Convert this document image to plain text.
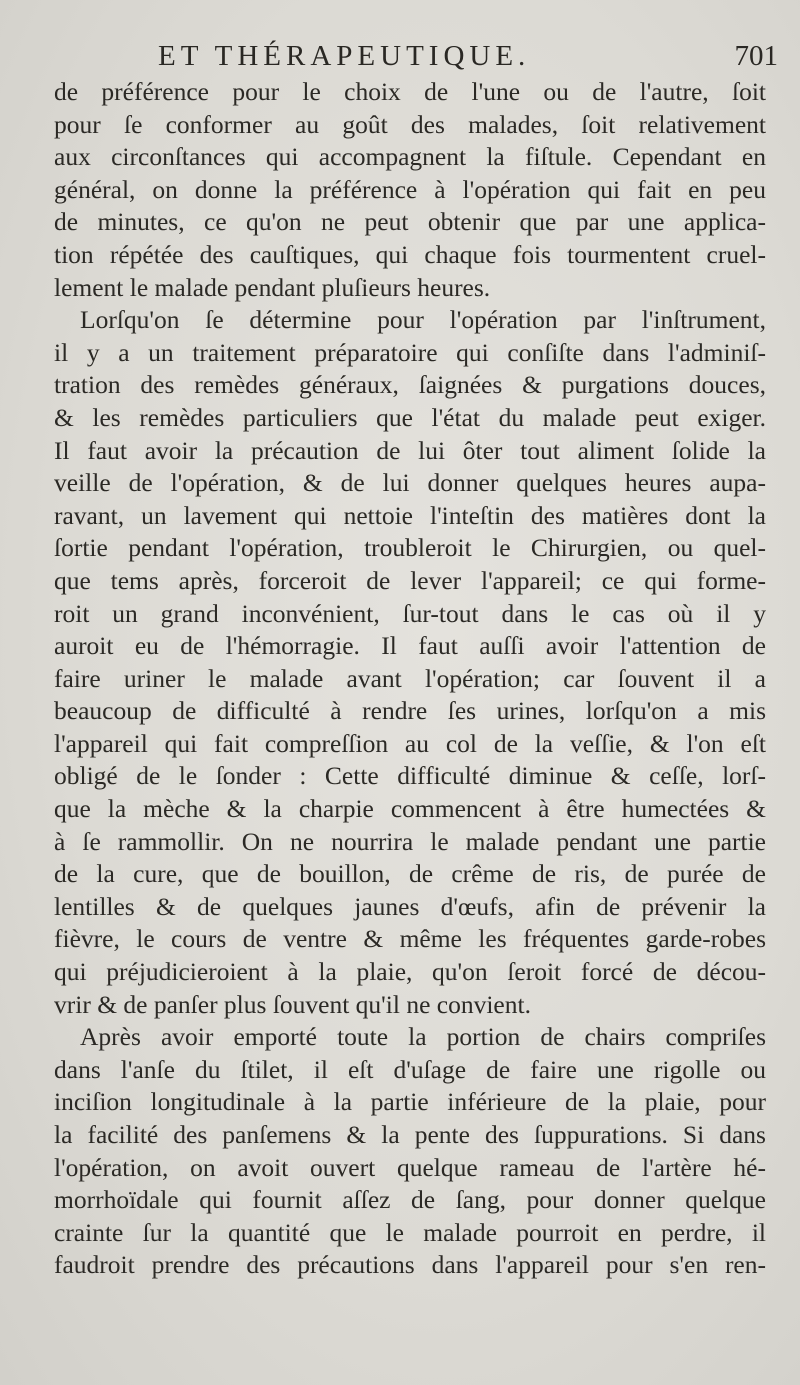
ET THÉRAPEUTIQUE.	701
de préférence pour le choix de l'une ou de l'autre, ſoit
pour ſe conformer au goût des malades, ſoit relativement
aux circonſtances qui accompagnent la fiſtule. Cependant en
général, on donne la préférence à l'opération qui fait en peu
de minutes, ce qu'on ne peut obtenir que par une applica-
tion répétée des cauſtiques, qui chaque fois tourmentent cruel-
lement le malade pendant pluſieurs heures.
Lorſqu'on ſe détermine pour l'opération par l'inſtrument,
il y a un traitement préparatoire qui conſiſte dans l'adminiſ-
tration des remèdes généraux, ſaignées & purgations douces,
& les remèdes particuliers que l'état du malade peut exiger.
Il faut avoir la précaution de lui ôter tout aliment ſolide la
veille de l'opération, & de lui donner quelques heures aupa-
ravant, un lavement qui nettoie l'inteſtin des matières dont la
ſortie pendant l'opération, troubleroit le Chirurgien, ou quel-
que tems après, forceroit de lever l'appareil; ce qui forme-
roit un grand inconvénient, ſur-tout dans le cas où il y
auroit eu de l'hémorragie. Il faut auſſi avoir l'attention de
faire uriner le malade avant l'opération; car ſouvent il a
beaucoup de difficulté à rendre ſes urines, lorſqu'on a mis
l'appareil qui fait compreſſion au col de la veſſie, & l'on eſt
obligé de le ſonder : Cette difficulté diminue & ceſſe, lorſ-
que la mèche & la charpie commencent à être humectées &
à ſe rammollir. On ne nourrira le malade pendant une partie
de la cure, que de bouillon, de crême de ris, de purée de
lentilles & de quelques jaunes d'œufs, afin de prévenir la
fièvre, le cours de ventre & même les fréquentes garde-robes
qui préjudicieroient à la plaie, qu'on ſeroit forcé de décou-
vrir & de panſer plus ſouvent qu'il ne convient.
Après avoir emporté toute la portion de chairs compriſes
dans l'anſe du ſtilet, il eſt d'uſage de faire une rigolle ou
inciſion longitudinale à la partie inférieure de la plaie, pour
la facilité des panſemens & la pente des ſuppurations. Si dans
l'opération, on avoit ouvert quelque rameau de l'artère hé-
morrhoïdale qui fournit aſſez de ſang, pour donner quelque
crainte ſur la quantité que le malade pourroit en perdre, il
faudroit prendre des précautions dans l'appareil pour s'en ren-
